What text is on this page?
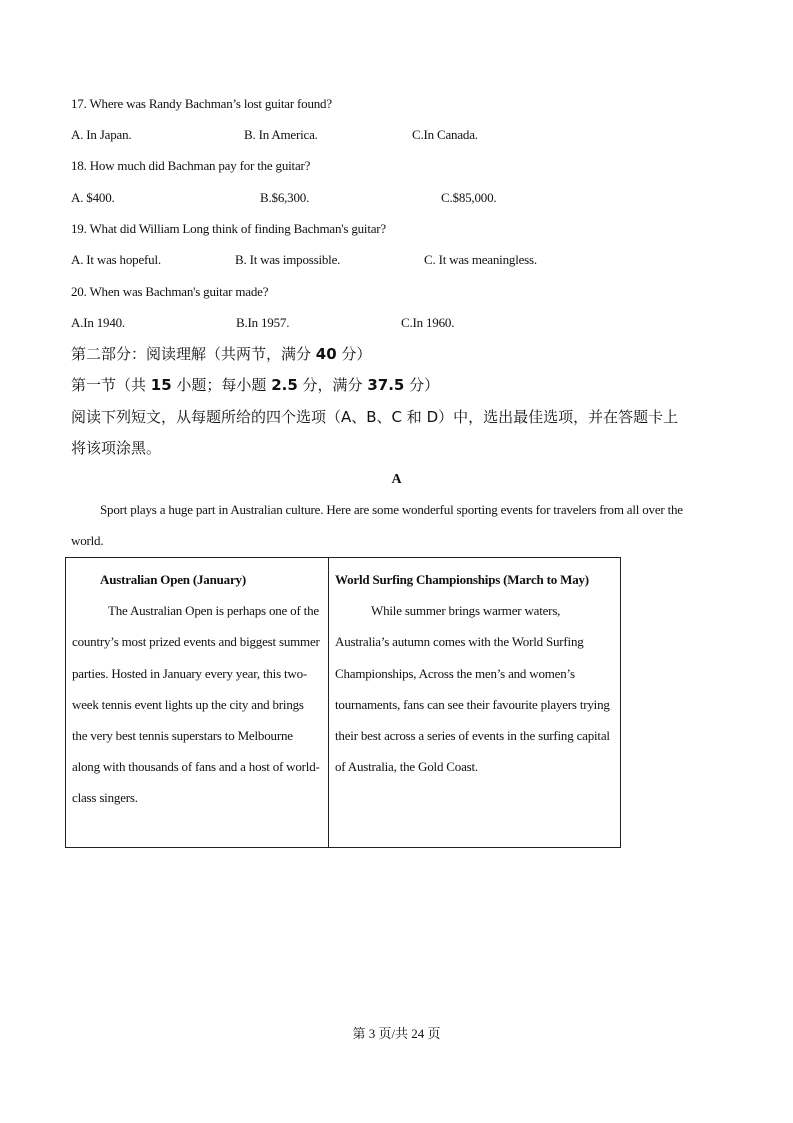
17. Where was Randy Bachman’s lost guitar found?
A. In Japan.	B. In America.	C.In Canada.
18. How much did Bachman pay for the guitar?
A. $400.	B.$6,300.	C.$85,000.
19. What did William Long think of finding Bachman's guitar?
A. It was hopeful.	B. It was impossible.	C. It was meaningless.
20. When was Bachman's guitar made?
A.In 1940.	B.In 1957.	C.In 1960.
第二部分：阅读理解（共两节，满分 40 分）
第一节（共 15 小题；每小题 2.5 分，满分 37.5 分）
阅读下列短文，从每题所给的四个选项（A、B、C 和 D）中，选出最佳选项，并在答题卡上
将该项涂黑。
A
Sport plays a huge part in Australian culture. Here are some wonderful sporting events for travelers from all over the world.
Australian Open (January)
The Australian Open is perhaps one of the country’s most prized events and biggest summer parties. Hosted in January every year, this two-week tennis event lights up the city and brings the very best tennis superstars to Melbourne along with thousands of fans and a host of world-class singers.

World Surfing Championships (March to May)
While summer brings warmer waters, Australia’s autumn comes with the World Surfing Championships, Across the men’s and women’s tournaments, fans can see their favourite players trying their best across a series of events in the surfing capital of Australia, the Gold Coast.
第 3 页/共 24 页
